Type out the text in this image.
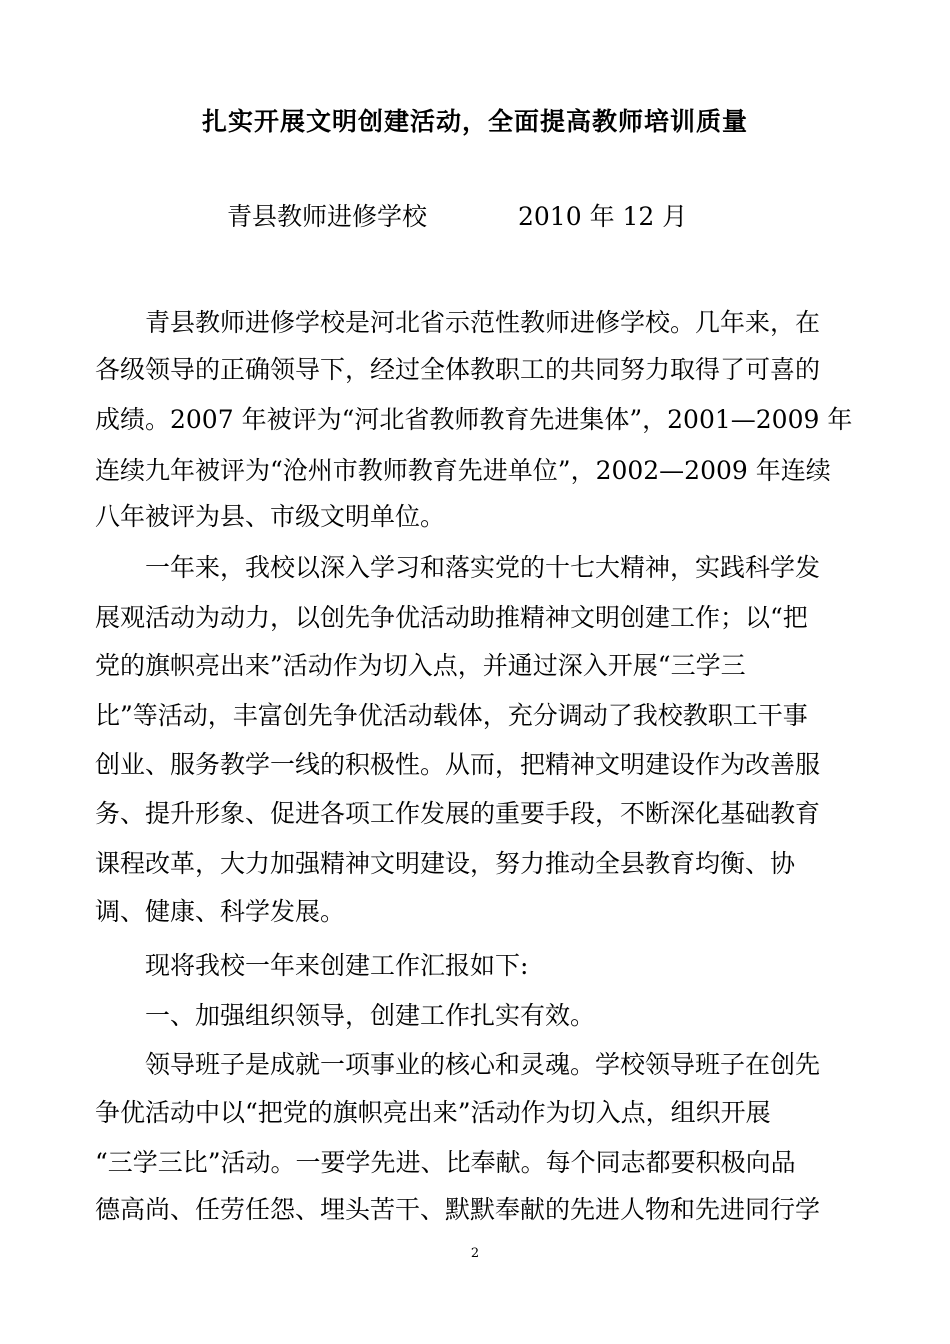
扎实开展文明创建活动，全面提高教师培训质量
青县教师进修学校	2010 年 12 月
　　青县教师进修学校是河北省示范性教师进修学校。几年来，在
各级领导的正确领导下，经过全体教职工的共同努力取得了可喜的
成绩。2007 年被评为“河北省教师教育先进集体”，2001—2009 年
连续九年被评为“沧州市教师教育先进单位”，2002—2009 年连续
八年被评为县、市级文明单位。
　　一年来，我校以深入学习和落实党的十七大精神，实践科学发
展观活动为动力，以创先争优活动助推精神文明创建工作；以“把
党的旗帜亮出来”活动作为切入点，并通过深入开展“三学三
比”等活动，丰富创先争优活动载体，充分调动了我校教职工干事
创业、服务教学一线的积极性。从而，把精神文明建设作为改善服
务、提升形象、促进各项工作发展的重要手段，不断深化基础教育
课程改革，大力加强精神文明建设，努力推动全县教育均衡、协
调、健康、科学发展。
　　现将我校一年来创建工作汇报如下:
　　一、加强组织领导，创建工作扎实有效。
　　领导班子是成就一项事业的核心和灵魂。学校领导班子在创先
争优活动中以“把党的旗帜亮出来”活动作为切入点，组织开展
“三学三比”活动。一要学先进、比奉献。每个同志都要积极向品
德高尚、任劳任怨、埋头苦干、默默奉献的先进人物和先进同行学
2
